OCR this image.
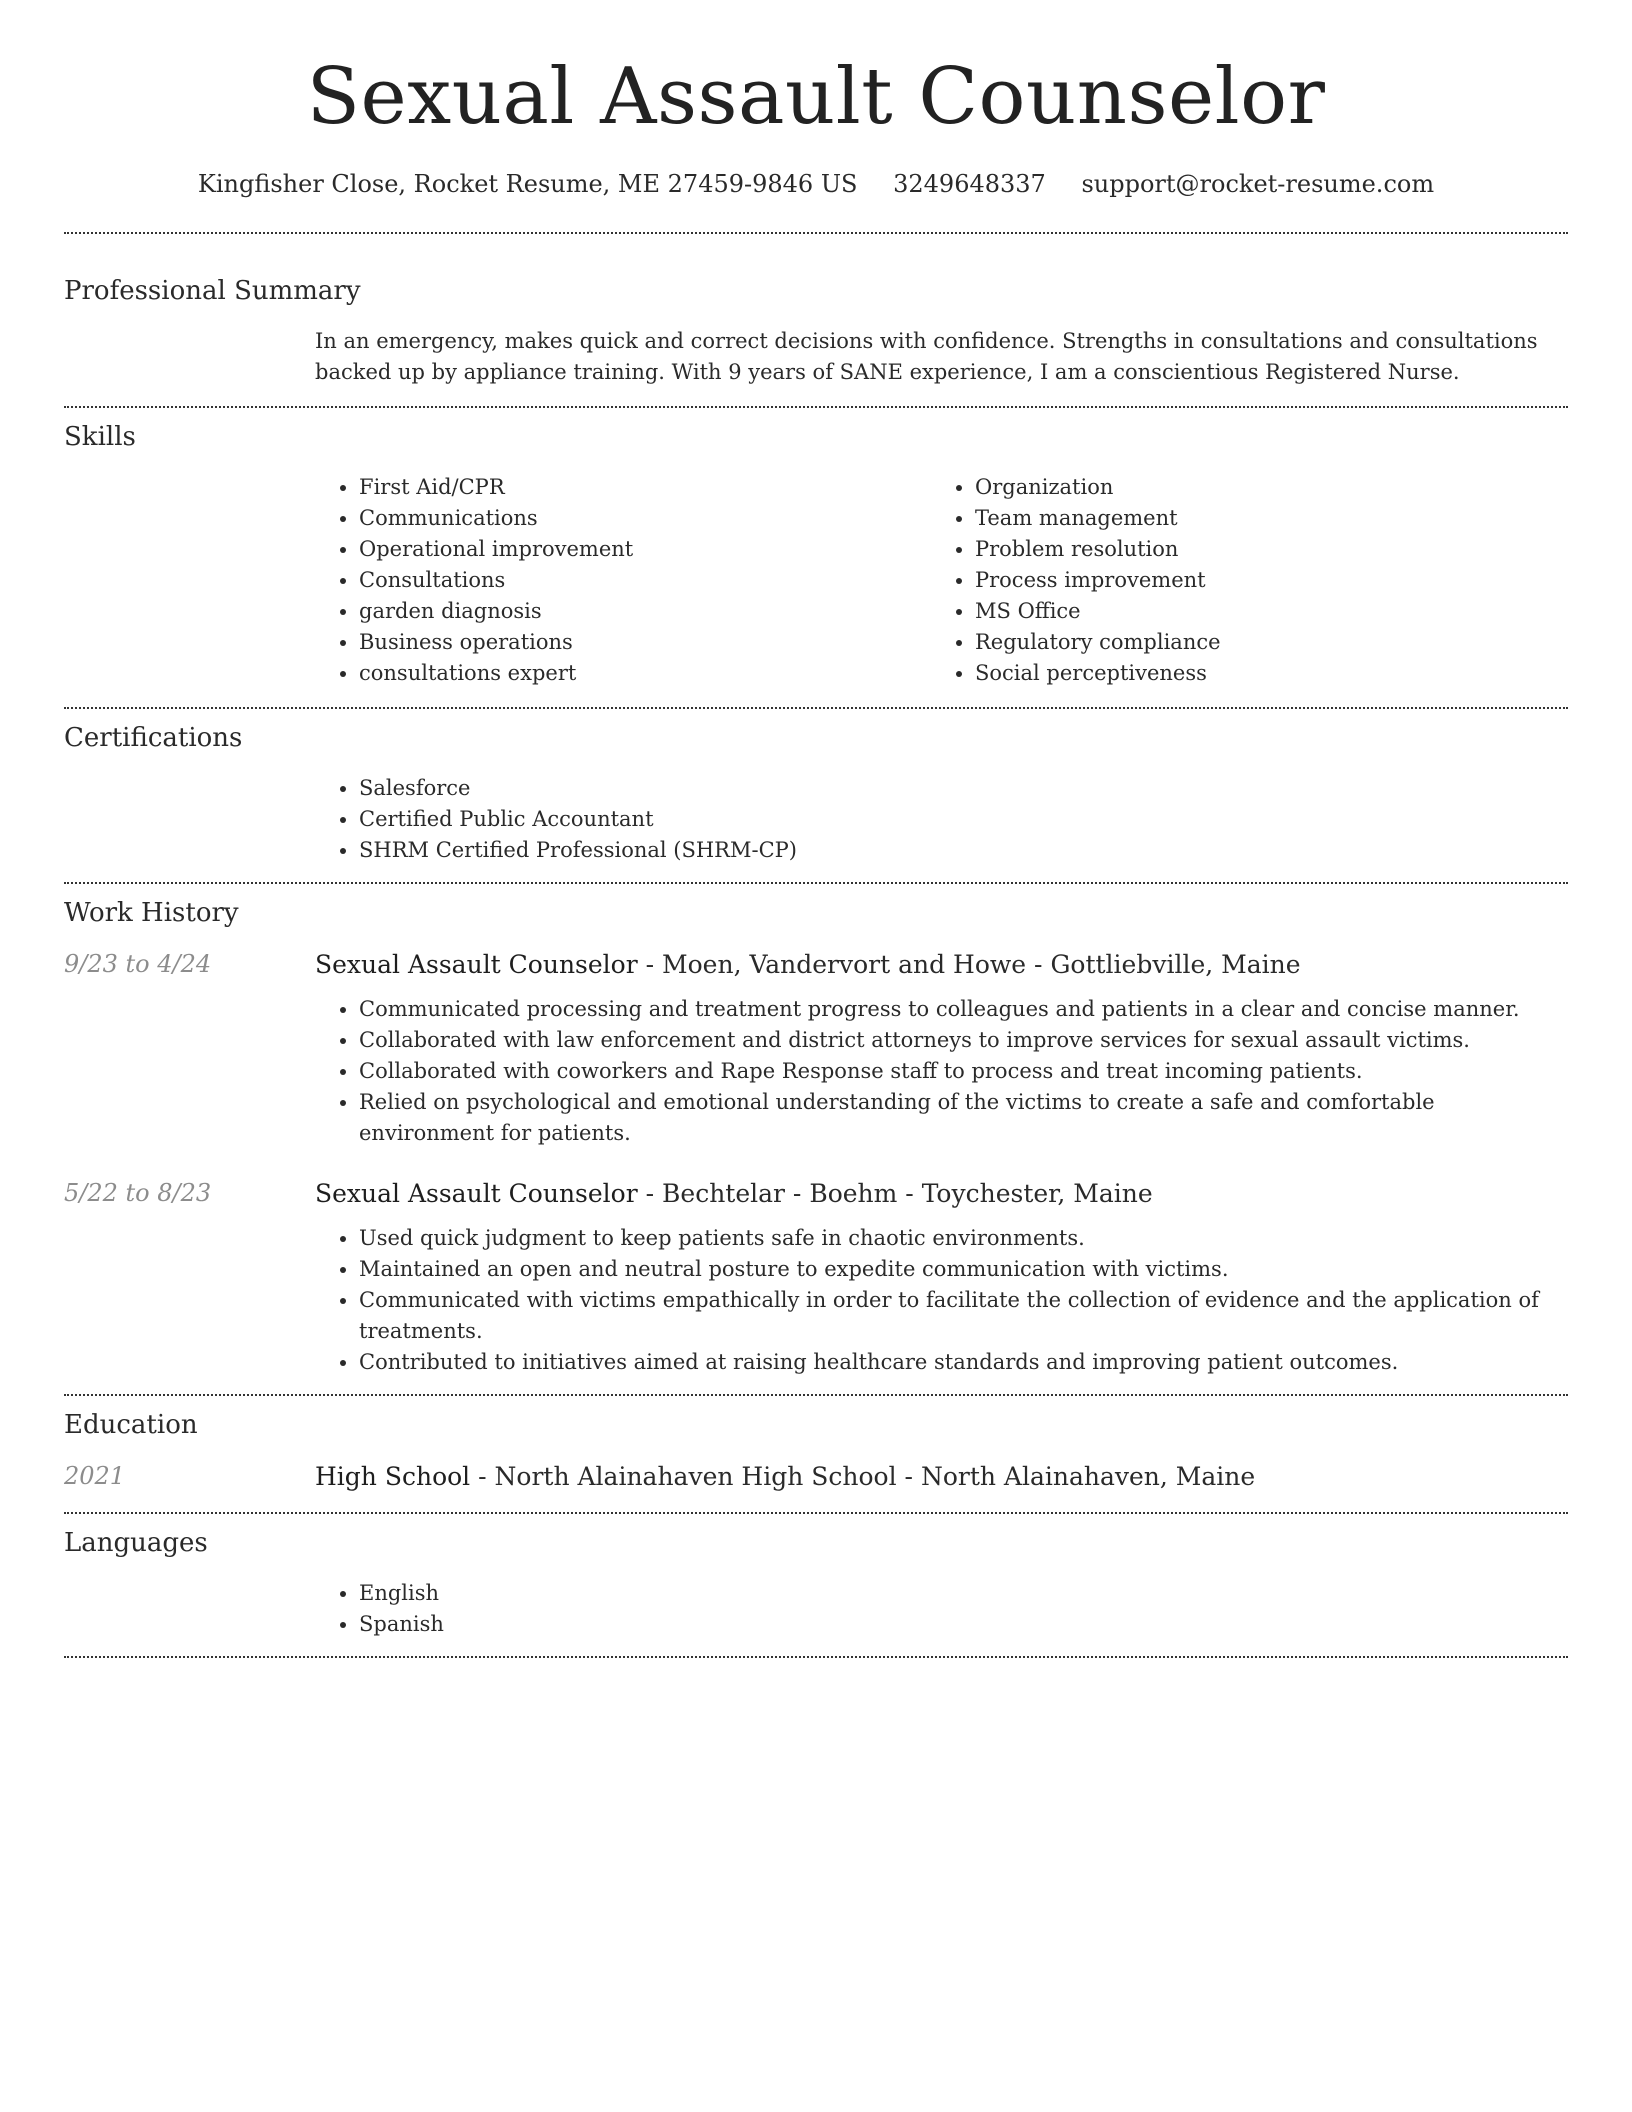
Sexual Assault Counselor
Kingfisher Close, Rocket Resume, ME 27459-9846 US 3249648337 support@rocket-resume.com
Professional Summary
In an emergency, makes quick and correct decisions with confidence. Strengths in consultations and consultations backed up by appliance training. With 9 years of SANE experience, I am a conscientious Registered Nurse.
Skills
• First Aid/CPR
• Communications
• Operational improvement
• Consultations
• garden diagnosis
• Business operations
• consultations expert
• Organization
• Team management
• Problem resolution
• Process improvement
• MS Office
• Regulatory compliance
• Social perceptiveness
Certifications
• Salesforce
• Certified Public Accountant
• SHRM Certified Professional (SHRM-CP)
Work History
9/23 to 4/24	Sexual Assault Counselor - Moen, Vandervort and Howe - Gottliebville, Maine
• Communicated processing and treatment progress to colleagues and patients in a clear and concise manner.
• Collaborated with law enforcement and district attorneys to improve services for sexual assault victims.
• Collaborated with coworkers and Rape Response staff to process and treat incoming patients.
• Relied on psychological and emotional understanding of the victims to create a safe and comfortable environment for patients.
5/22 to 8/23	Sexual Assault Counselor - Bechtelar - Boehm - Toychester, Maine
• Used quick judgment to keep patients safe in chaotic environments.
• Maintained an open and neutral posture to expedite communication with victims.
• Communicated with victims empathically in order to facilitate the collection of evidence and the application of treatments.
• Contributed to initiatives aimed at raising healthcare standards and improving patient outcomes.
Education
2021	High School - North Alainahaven High School - North Alainahaven, Maine
Languages
• English
• Spanish
